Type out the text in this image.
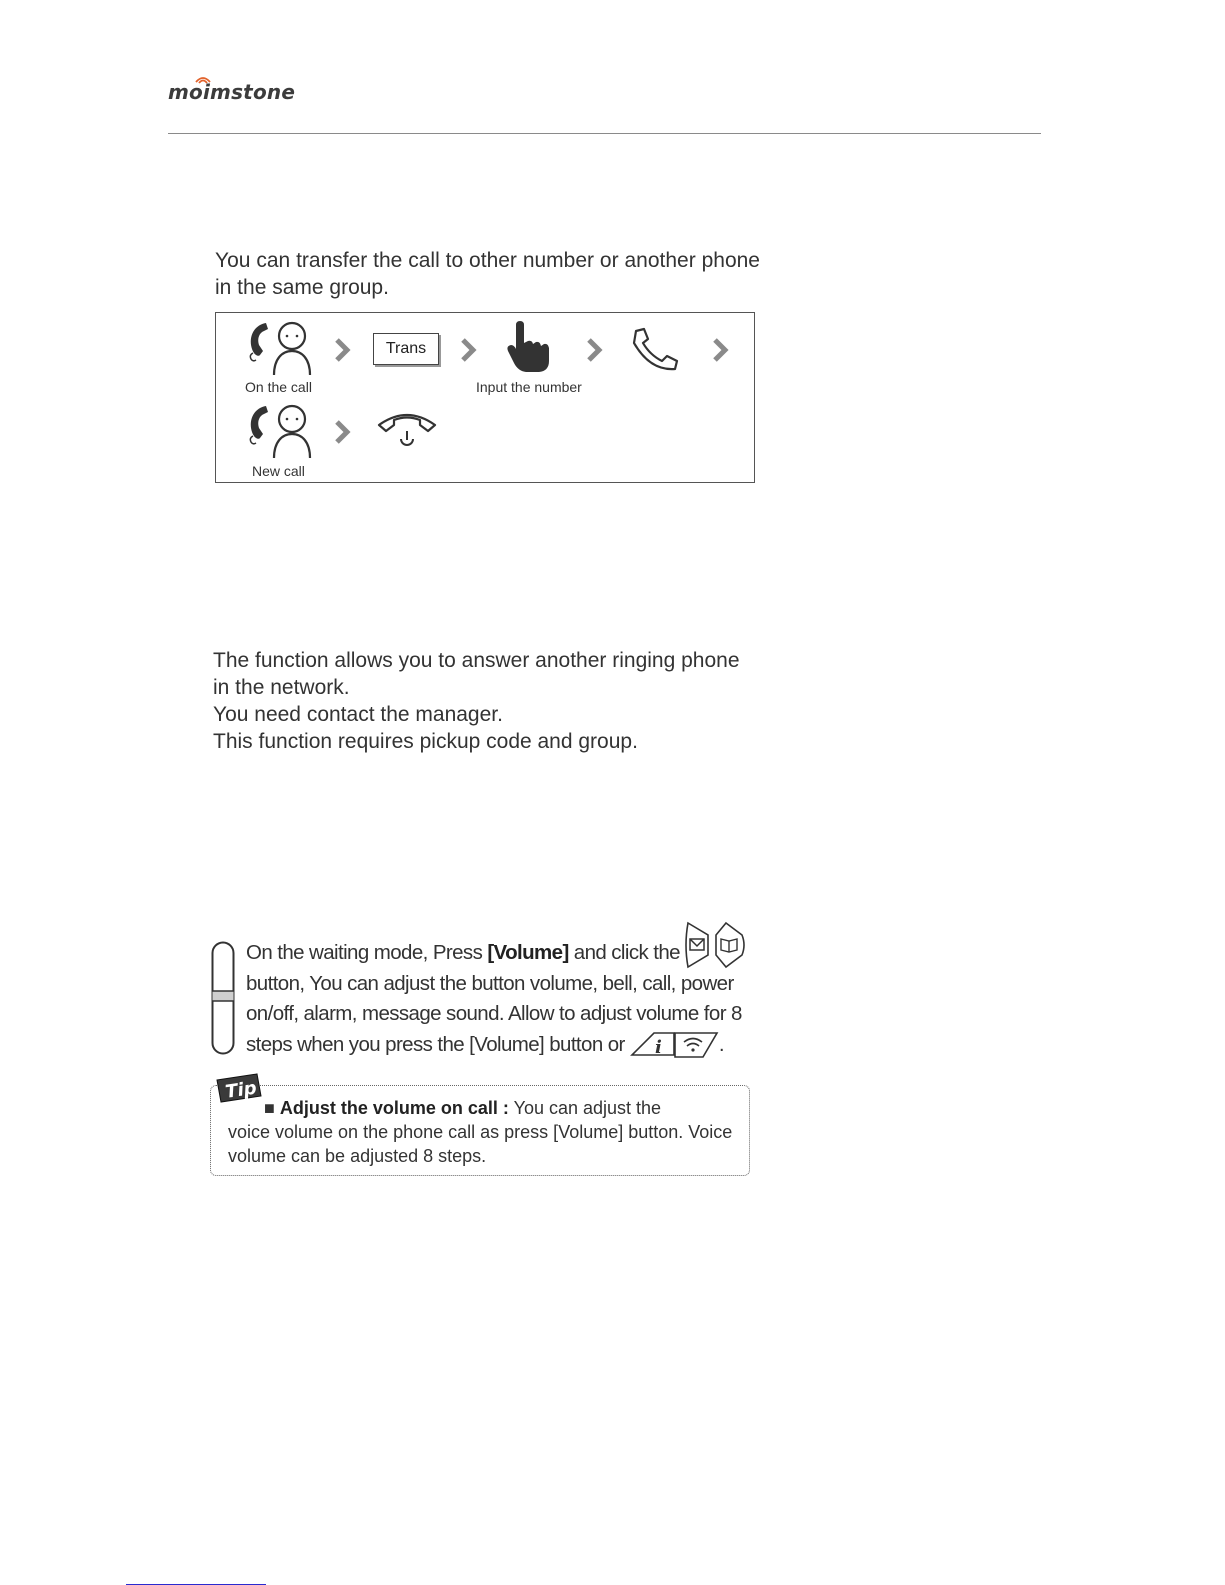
moimstone

You can transfer the call to other number or another phone in the same group.

On the call
Trans
Input the number
New call
The function allows you to answer another ringing phone
in the network.
You need contact the manager.
This function requires pickup code and group.
On the waiting mode, Press [Volume] and click the button, You can adjust the button volume, bell, call, power on/off, alarm, message sound. Allow to adjust volume for 8 steps when you press the [Volume] button or i	.
■ Adjust the volume on call : You can adjust the
voice volume on the phone call as press [Volume] button. Voice volume can be adjusted 8 steps.
Tip
